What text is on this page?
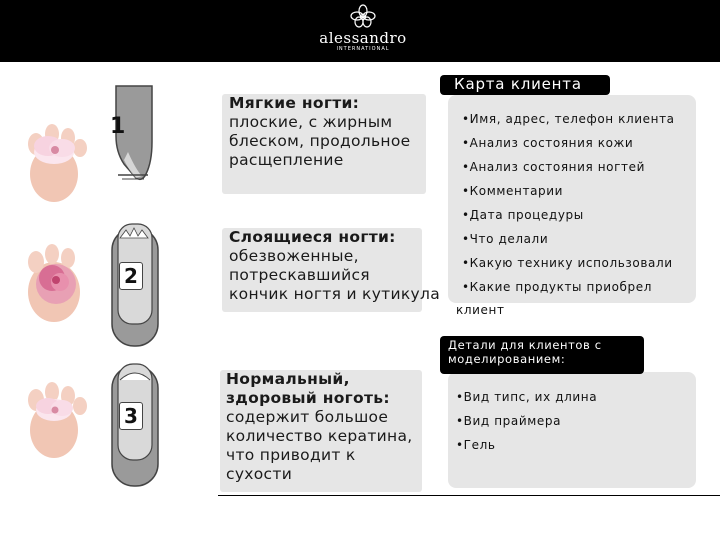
alessandro
INTERNATIONAL
1
2
3
Мягкие ногти:
плоские, с жирным
блеском, продольное
расщепление
Слоящиеся ногти:
обезвоженные,
потрескавшийся
кончик ногтя и кутикула
Нормальный,
здоровый ноготь:
содержит большое
количество кератина,
что приводит к
сухости
Карта клиента
•Имя, адрес, телефон клиента
•Анализ состояния кожи
•Анализ состояния ногтей
•Комментарии
•Дата процедуры
•Что делали
•Какую технику использовали
•Какие продукты приобрел
клиент
Детали для клиентов с
моделированием:
•Вид типс, их длина
•Вид праймера
•Гель
